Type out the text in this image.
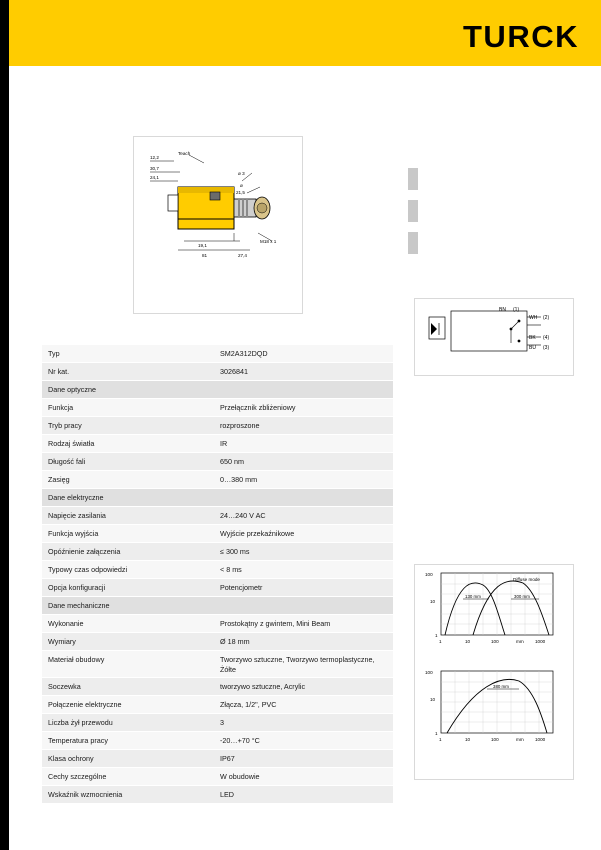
TURCK
12,2
Teach
30,7
24,1
ø 3
ø
21,5
19,1
81	27,4
M18 x 1
BN (1)
WH (2)
BK (4)
BU (3)
130 mm	300 mm
Diffuse mode
100
10
1
1	10	100	mm 1000
380 mm
100
10
1
1	10	100	mm 1000
Typ	SM2A312DQD
Nr kat.	3026841
Dane optyczne
Funkcja	Przełącznik zbliżeniowy
Tryb pracy	rozproszone
Rodzaj światła	IR
Długość fali	650 nm
Zasięg	0…380 mm
Dane elektryczne
Napięcie zasilania	24…240 V AC
Funkcja wyjścia	Wyjście przekaźnikowe
Opóźnienie załączenia	≤ 300 ms
Typowy czas odpowiedzi	< 8 ms
Opcja konfiguracji	Potencjometr
Dane mechaniczne
Wykonanie	Prostokątny z gwintem, Mini Beam
Wymiary	Ø 18 mm
Materiał obudowy	Tworzywo sztuczne, Tworzywo termoplastyczne, Żółte
Soczewka	tworzywo sztuczne, Acrylic
Połączenie elektryczne	Złącza, 1/2", PVC
Liczba żył przewodu	3
Temperatura pracy	-20…+70 °C
Klasa ochrony	IP67
Cechy szczególne	W obudowie
Wskaźnik wzmocnienia	LED
